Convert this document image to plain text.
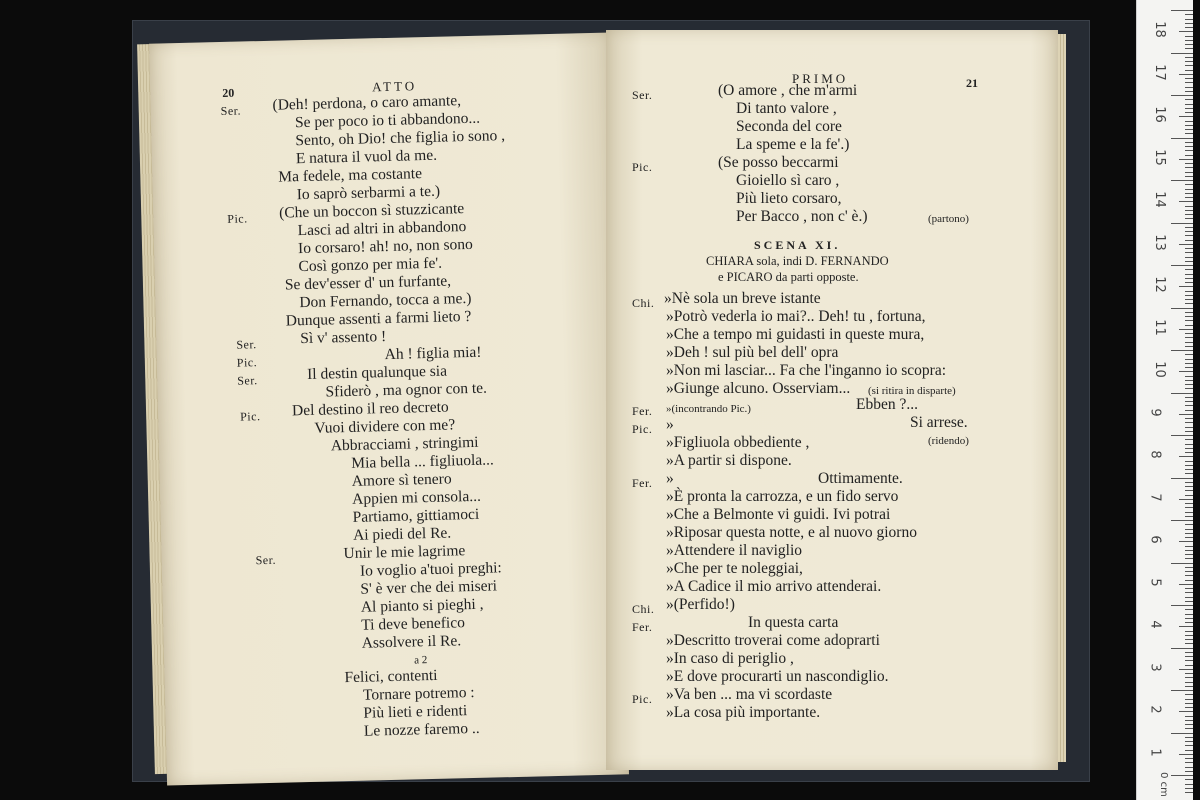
20	ATTO
Ser. (Deh! perdona, o caro amante,
Se per poco io ti abbandono...
Sento, oh Dio! che figlia io sono ,
E natura il vuol da me.
Ma fedele, ma costante
Io saprò serbarmi a te.)
Pic. (Che un boccon sì stuzzicante
Lasci ad altri in abbandono
Io corsaro! ah! no, non sono
Così gonzo per mia fe'.
Se dev'esser d' un furfante,
Don Fernando, tocca a me.)
Dunque assenti a farmi lieto ?
Ser.	Sì v' assento !
Pic.	Ah ! figlia mia!
Ser.	Il destin qualunque sia
Sfiderò , ma ognor con te.
Pic. Del destino il reo decreto
Vuoi dividere con me?
Abbracciami , stringimi
Mia bella ... figliuola...
Amore sì tenero
Appien mi consola...
Partiamo, gittiamoci
Ai piedi del Re.
Ser.	Unir le mie lagrime
Io voglio a'tuoi preghi:
S' è ver che dei miseri
Al pianto si pieghi ,
Ti deve benefico
Assolvere il Re.
a 2
Felici, contenti
Tornare potremo :
Più lieti e ridenti
Le nozze faremo ..
PRIMO	21
Ser.	(O amore , che m'armi
Di tanto valore ,
Seconda del core
La speme e la fe'.)
Pic.	(Se posso beccarmi
Gioiello sì caro ,
Più lieto corsaro,
Per Bacco , non c' è.)	(partono)
SCENA XI.
CHIARA sola, indi D. FERNANDO
e PICARO da parti opposte.
Chi. »Nè sola un breve istante
»Potrò vederla io mai?.. Deh! tu , fortuna,
»Che a tempo mi guidasti in queste mura,
»Deh ! sul più bel dell' opra
»Non mi lasciar... Fa che l'inganno io scopra:
»Giunge alcuno. Osserviam... (si ritira in disparte)
Fer. »(incontrando Pic.)	Ebben ?...
Pic. »	Si arrese.
(ridendo)
»Figliuola obbediente ,
»A partir si dispone.
Fer. »	Ottimamente.
»È pronta la carrozza, e un fido servo
»Che a Belmonte vi guidi. Ivi potrai
»Riposar questa notte, e al nuovo giorno
»Attendere il naviglio
»Che per te noleggiai,
»A Cadice il mio arrivo attenderai.
Chi. »(Perfido!)
Fer.	In questa carta
»Descritto troverai come adoprarti
»In caso di periglio ,
»E dove procurarti un nascondiglio.
Pic. »Va ben ... ma vi scordaste
»La cosa più importante.
0 cm
18
17
16
15
14
13
12
11
10
9
8
7
6
5
4
3
2
1
